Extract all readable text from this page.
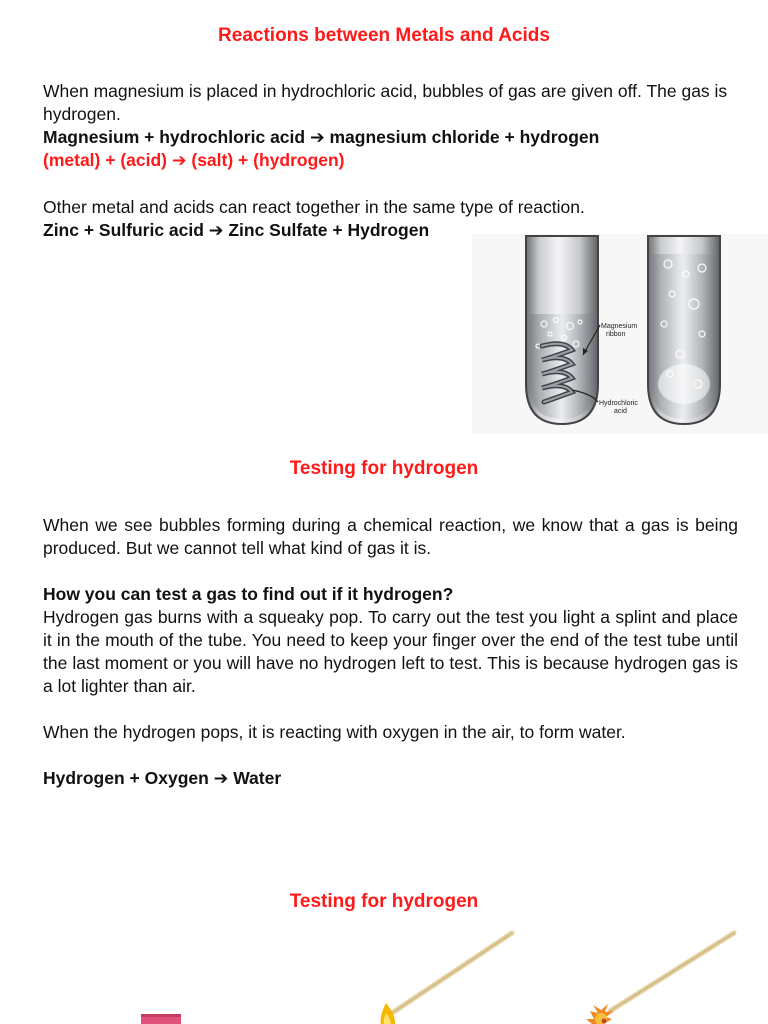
Reactions between Metals and Acids

When magnesium is placed in hydrochloric acid, bubbles of gas are given off. The gas is hydrogen.

Magnesium + hydrochloric acid ➔ magnesium chloride + hydrogen

(metal) + (acid) ➔ (salt) + (hydrogen)

Other metal and acids can react together in the same type of reaction.

Zinc + Sulfuric acid ➔ Zinc Sulfate + Hydrogen

Magnesium ribbon
Hydrochloric acid
Testing for hydrogen

When we see bubbles forming during a chemical reaction, we know that a gas is being produced. But we cannot tell what kind of gas it is.

How you can test a gas to find out if it hydrogen?

Hydrogen gas burns with a squeaky pop. To carry out the test you light a splint and place it in the mouth of the tube. You need to keep your finger over the end of the test tube until the last moment or you will have no hydrogen left to test. This is because hydrogen gas is a lot lighter than air.

When the hydrogen pops, it is reacting with oxygen in the air, to form water.

Hydrogen + Oxygen ➔ Water

Testing for hydrogen
